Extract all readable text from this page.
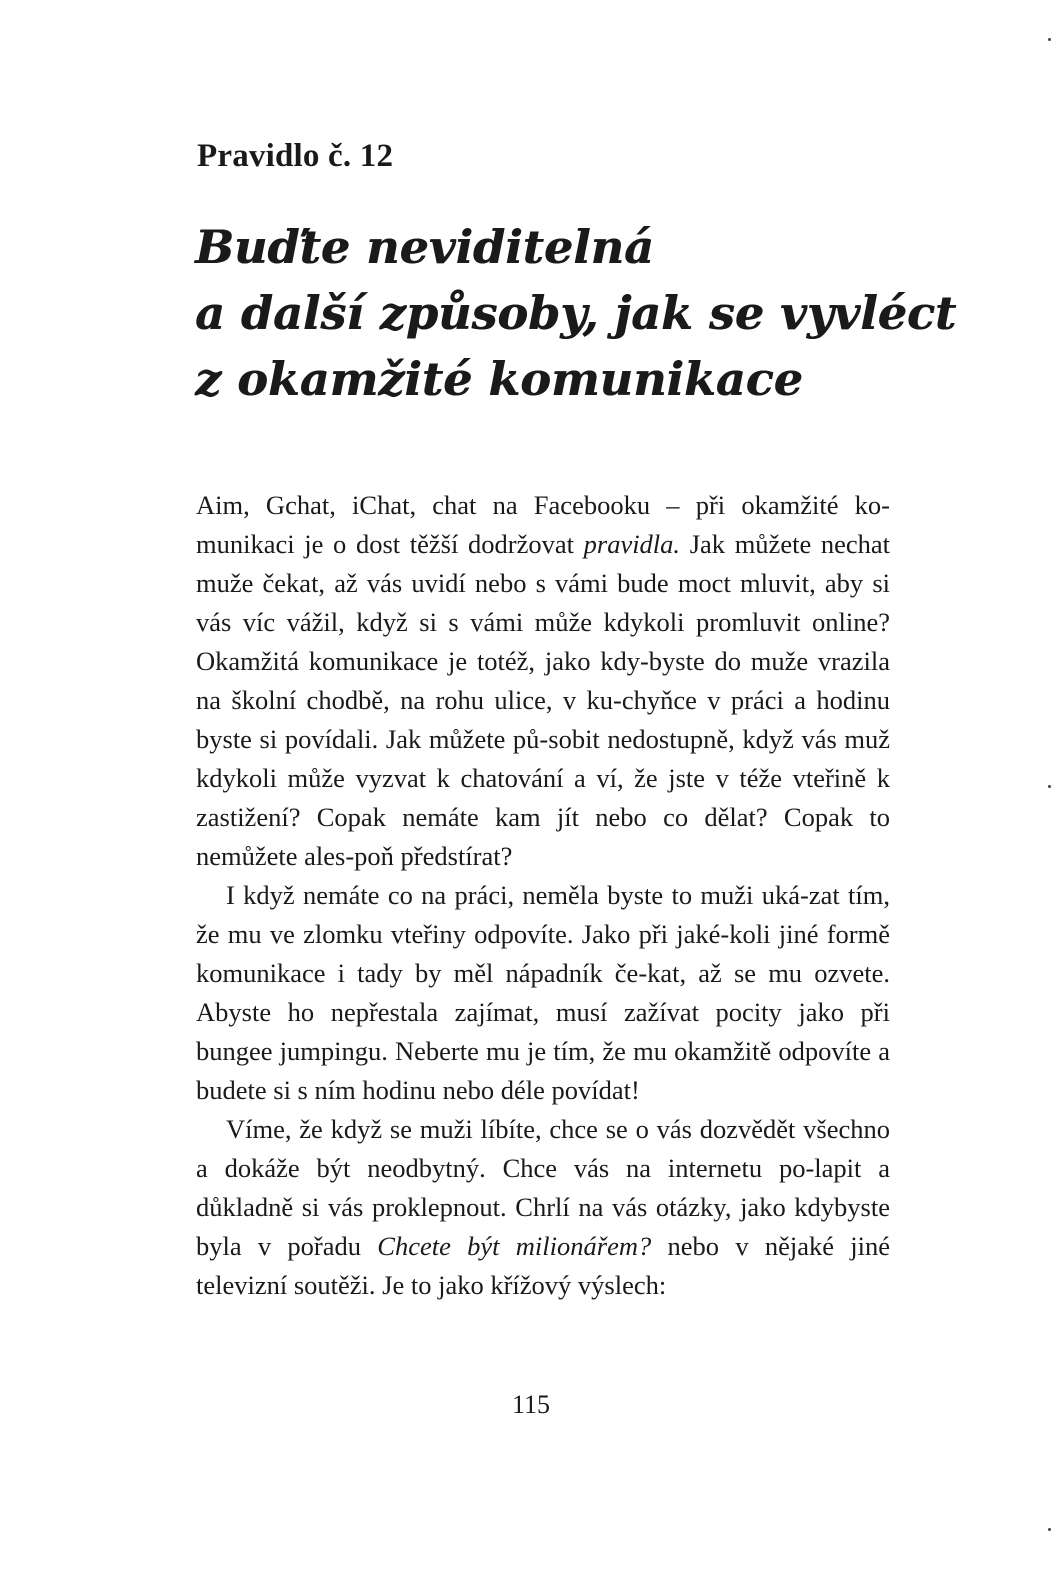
Pravidlo č. 12
Buďte neviditelná
a další způsoby, jak se vyvléct
z okamžité komunikace

Aim, Gchat, iChat, chat na Facebooku – při okamžité ko-munikaci je o dost těžší dodržovat pravidla. Jak můžete nechat muže čekat, až vás uvidí nebo s vámi bude moct mluvit, aby si vás víc vážil, když si s vámi může kdykoli promluvit online? Okamžitá komunikace je totéž, jako kdy-byste do muže vrazila na školní chodbě, na rohu ulice, v ku-chyňce v práci a hodinu byste si povídali. Jak můžete pů-sobit nedostupně, když vás muž kdykoli může vyzvat k chatování a ví, že jste v téže vteřině k zastižení? Copak nemáte kam jít nebo co dělat? Copak to nemůžete ales-poň předstírat?

I když nemáte co na práci, neměla byste to muži uká-zat tím, že mu ve zlomku vteřiny odpovíte. Jako při jaké-koli jiné formě komunikace i tady by měl nápadník če-kat, až se mu ozvete. Abyste ho nepřestala zajímat, musí zažívat pocity jako při bungee jumpingu. Neberte mu je tím, že mu okamžitě odpovíte a budete si s ním hodinu nebo déle povídat!

Víme, že když se muži líbíte, chce se o vás dozvědět všechno a dokáže být neodbytný. Chce vás na internetu po-lapit a důkladně si vás proklepnout. Chrlí na vás otázky, jako kdybyste byla v pořadu Chcete být milionářem? nebo v nějaké jiné televizní soutěži. Je to jako křížový výslech:

115
